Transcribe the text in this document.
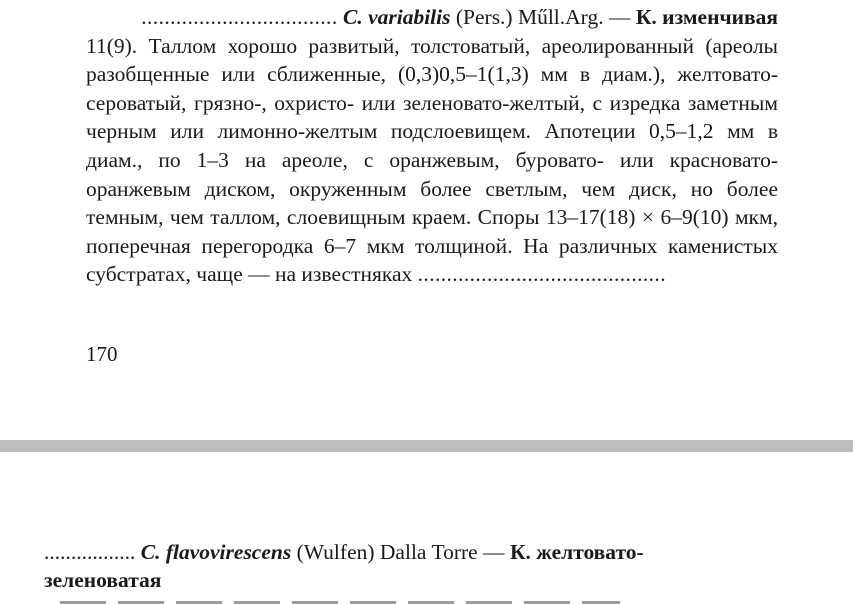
.................................. C. variabilis (Pers.) Műll.Arg. — К. изменчивая
11(9). Таллом хорошо развитый, толстоватый, ареолированный (ареолы разобщенные или сближенные, (0,3)0,5–1(1,3) мм в диам.), желтовато-сероватый, грязно-, охристо- или зеленовато-желтый, с изредка заметным черным или лимонно-желтым подслоевищем. Апотеции 0,5–1,2 мм в диам., по 1–3 на ареоле, с оранжевым, буровато- или красновато-оранжевым диском, окруженным более светлым, чем диск, но более темным, чем таллом, слоевищным краем. Споры 13–17(18) × 6–9(10) мкм, поперечная перегородка 6–7 мкм толщиной. На различных каменистых субстратах, чаще — на известняках ...........................................
170
................. C. flavovirescens (Wulfen) Dalla Torre — К. желтовато-
зеленоватая
